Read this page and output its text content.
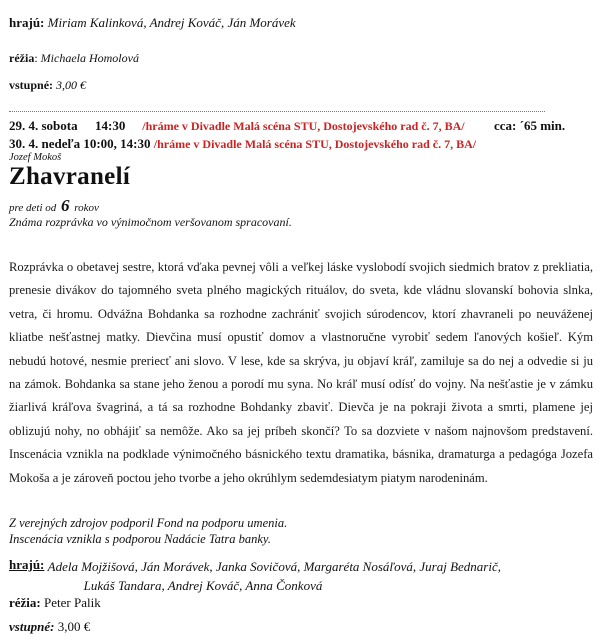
hrajú: Miriam Kalinková, Andrej Kováč, Ján Morávek
réžia: Michaela Homolová
vstupné: 3,00 €
29. 4. sobota 14:30 /hráme v Divadle Malá scéna STU, Dostojevského rad č. 7, BA/ cca: ´65 min.
30. 4. nedeľa 10:00, 14:30 /hráme v Divadle Malá scéna STU, Dostojevského rad č. 7, BA/
Jozef Mokoš
Zhavranelí
pre deti od 6 rokov
Známa rozprávka vo výnimočnom veršovanom spracovaní.

Rozprávka o obetavej sestre, ktorá vďaka pevnej vôli a veľkej láske vyslobodí svojich siedmich bratov z prekliatia, prenesie divákov do tajomného sveta plného magických rituálov, do sveta, kde vládnu slovanskí bohovia slnka, vetra, či hromu. Odvážna Bohdanka sa rozhodne zachrániť svojich súrodencov, ktorí zhavraneli po neuváženej kliatbe nešťastnej matky. Dievčina musí opustiť domov a vlastnoručne vyrobiť sedem ľanových košieľ. Kým nebudú hotové, nesmie prerieсť ani slovo. V lese, kde sa skrýva, ju objaví kráľ, zamiluje sa do nej a odvedie si ju na zámok. Bohdanka sa stane jeho ženou a porodí mu syna. No kráľ musí odísť do vojny. Na nešťastie je v zámku žiarlivá kráľova švagriná, a tá sa rozhodne Bohdanky zbaviť. Dievča je na pokraji života a smrti, plamene jej oblizujú nohy, no obhájiť sa nemôže. Ako sa jej príbeh skončí? To sa dozviete v našom najnovšom predstavení. Inscenácia vznikla na podklade výnimočného básnického textu dramatika, básnika, dramaturga a pedagóga Jozefa Mokoša a je zároveň poctou jeho tvorbe a jeho okrúhlym sedemdesiatym piatym narodeninám.

Z verejných zdrojov podporil Fond na podporu umenia.
Inscenácia vznikla s podporou Nadácie Tatra banky.
hrajú: Adela Mojžišová, Ján Morávek, Janka Sovičová, Margaréta Nosáľová, Juraj Bednarič,
Lukáš Tandara, Andrej Kováč, Anna Čonková
réžia: Peter Palik
vstupné: 3,00 €
